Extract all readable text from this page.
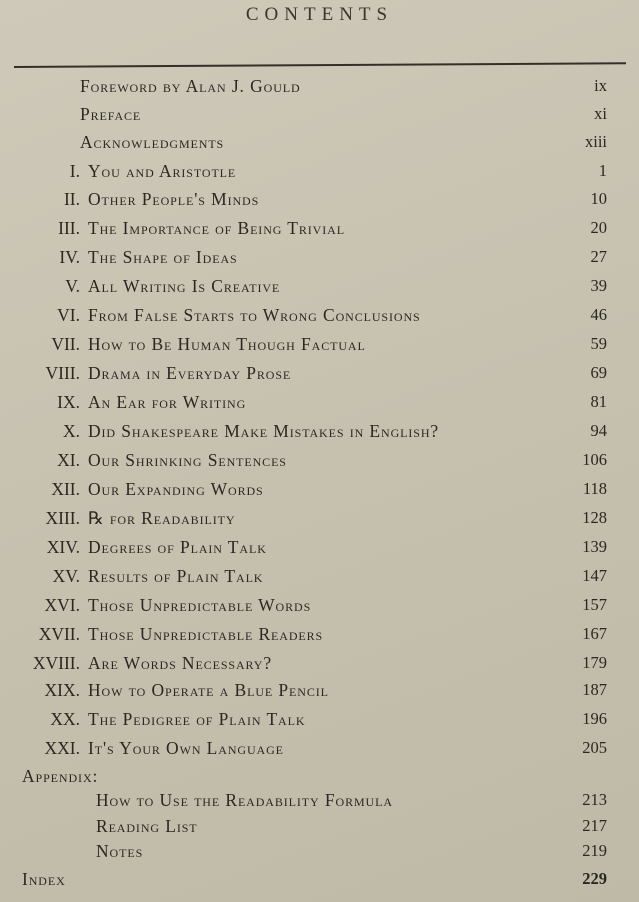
CONTENTS
Foreword by Alan J. Gould	ix
Preface	xi
Acknowledgments	xiii
I. You and Aristotle	1
II. Other People's Minds	10
III. The Importance of Being Trivial	20
IV. The Shape of Ideas	27
V. All Writing Is Creative	39
VI. From False Starts to Wrong Conclusions	46
VII. How to Be Human Though Factual	59
VIII. Drama in Everyday Prose	69
IX. An Ear for Writing	81
X. Did Shakespeare Make Mistakes in English?	94
XI. Our Shrinking Sentences	106
XII. Our Expanding Words	118
XIII. ℞ for Readability	128
XIV. Degrees of Plain Talk	139
XV. Results of Plain Talk	147
XVI. Those Unpredictable Words	157
XVII. Those Unpredictable Readers	167
XVIII. Are Words Necessary?	179
XIX. How to Operate a Blue Pencil	187
XX. The Pedigree of Plain Talk	196
XXI. It's Your Own Language	205
Appendix:
How to Use the Readability Formula	213
Reading List	217
Notes	219
Index	229
